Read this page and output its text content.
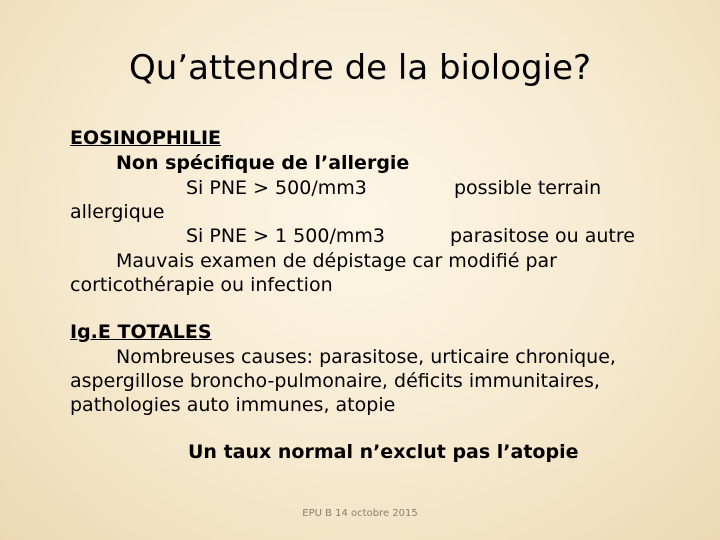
Qu’attendre de la biologie?
EOSINOPHILIE
Non spécifique de l’allergie
Si PNE > 500/mm3	possible terrain
allergique
Si PNE > 1 500/mm3	parasitose ou autre
Mauvais examen de dépistage car modifié par
corticothérapie ou infection
Ig.E TOTALES
Nombreuses causes: parasitose, urticaire chronique,
aspergillose broncho-pulmonaire, déficits immunitaires,
pathologies auto immunes, atopie
Un taux normal n’exclut pas l’atopie
EPU B 14 octobre 2015
